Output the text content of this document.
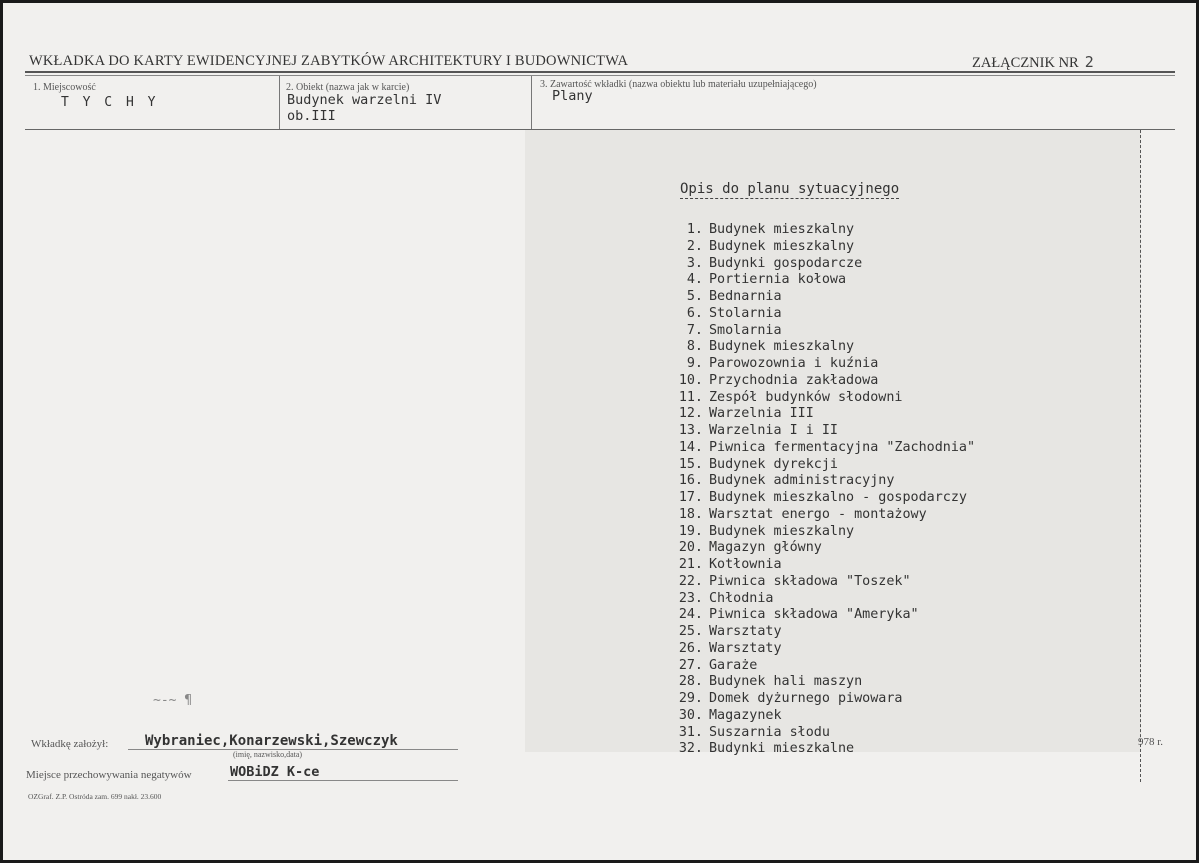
WKŁADKA DO KARTY EWIDENCYJNEJ ZABYTKÓW ARCHITEKTURY I BUDOWNICTWA	ZAŁĄCZNIK NR 2
1. Miejscowość
T Y C H Y
2. Obiekt (nazwa jak w karcie)
Budynek warzelni IV
ob.III
3. Zawartość wkładki (nazwa obiektu lub materiału uzupełniającego)
Plany
Opis do planu sytuacyjnego
1. Budynek mieszkalny
2. Budynek mieszkalny
3. Budynki gospodarcze
4. Portiernia kołowa
5. Bednarnia
6. Stolarnia
7. Smolarnia
8. Budynek mieszkalny
9. Parowozownia i kuźnia
10. Przychodnia zakładowa
11. Zespół budynków słodowni
12. Warzelnia III
13. Warzelnia I i II
14. Piwnica fermentacyjna "Zachodnia"
15. Budynek dyrekcji
16. Budynek administracyjny
17. Budynek mieszkalno - gospodarczy
18. Warsztat energo - montażowy
19. Budynek mieszkalny
20. Magazyn główny
21. Kotłownia
22. Piwnica składowa "Toszek"
23. Chłodnia
24. Piwnica składowa "Ameryka"
25. Warsztaty
26. Warsztaty
27. Garaże
28. Budynek hali maszyn
29. Domek dyżurnego piwowara
30. Magazynek
31. Suszarnia słodu
32. Budynki mieszkalne
~-~ ¶
Wkładkę założył:	Wybraniec,Konarzewski,Szewczyk
(imię, nazwisko,data)
978 r.
Miejsce przechowywania negatywów	WOBiDZ K-ce
OZGraf. Z.P. Ostróda zam. 699 nakł. 23.600
